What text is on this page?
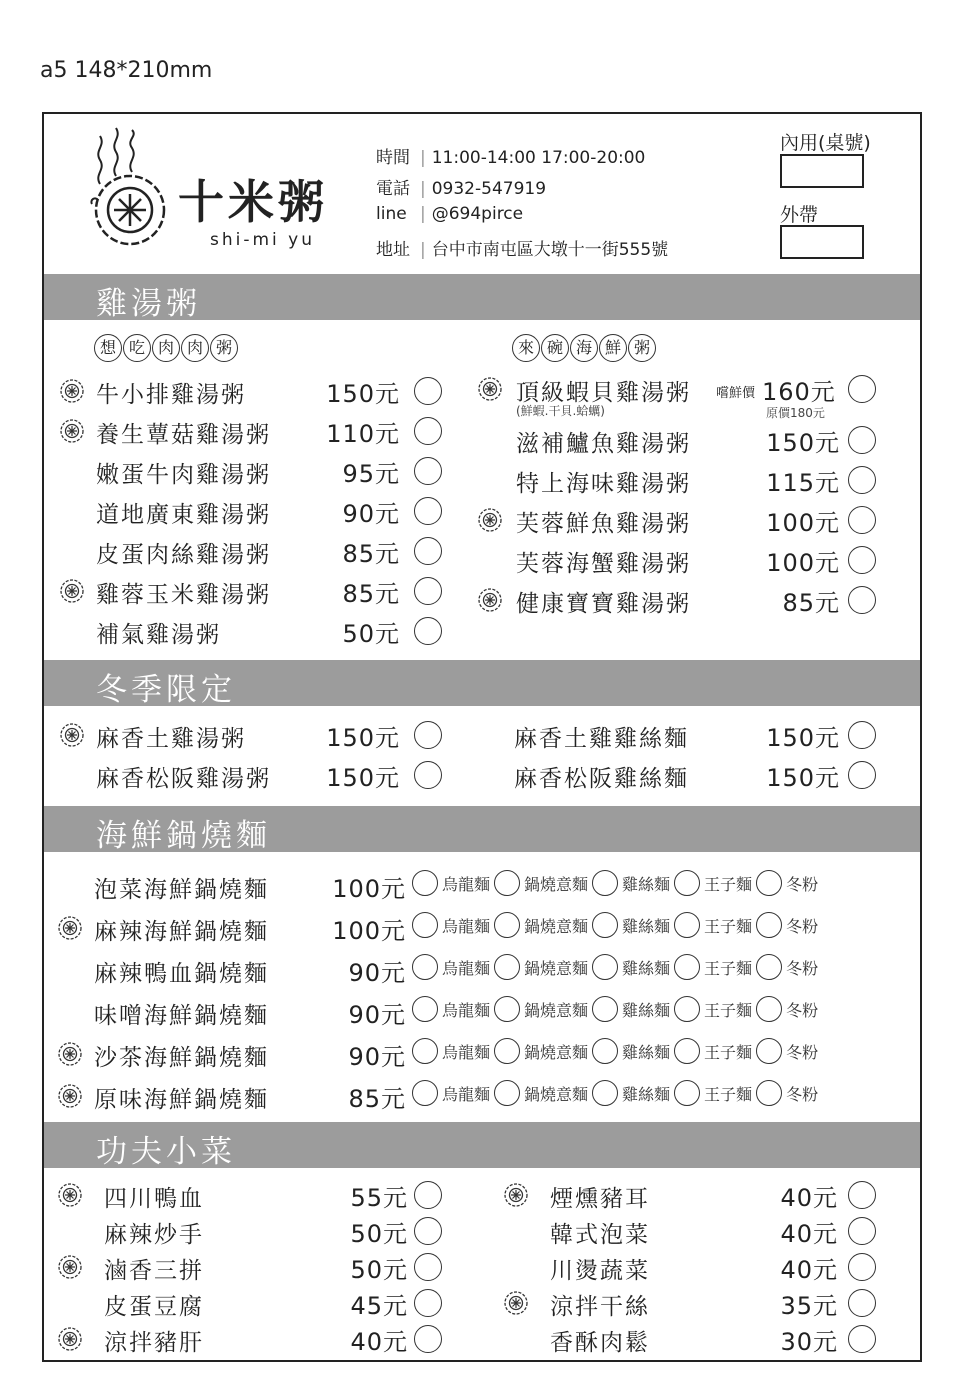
a5 148*210mm
十米粥
shi-mi yu
時間 | 11:00-14:00 17:00-20:00
電話 | 0932-547919
line | @694pirce
地址 | 台中市南屯區大墩十一街555號
內用(桌號)
外帶
雞湯粥
冬季限定
海鮮鍋燒麵
功夫小菜
想 吃 肉 肉 粥	來 碗 海 鮮 粥
頂級蝦貝雞湯粥 嚐鮮價 160元
(鮮蝦.干貝.蛤蠣)	原價180元
牛小排雞湯粥	150元
養生蕈菇雞湯粥	110元
嫩蛋牛肉雞湯粥	95元
道地廣東雞湯粥	90元
皮蛋肉絲雞湯粥	85元
雞蓉玉米雞湯粥	85元
補氣雞湯粥	50元
滋補鱸魚雞湯粥	150元
特上海味雞湯粥	115元
芙蓉鮮魚雞湯粥	100元
芙蓉海蟹雞湯粥	100元
健康寶寶雞湯粥	85元
麻香土雞湯粥	150元
麻香松阪雞湯粥	150元
麻香土雞雞絲麵	150元
麻香松阪雞絲麵	150元
泡菜海鮮鍋燒麵	100元 烏龍麵 鍋燒意麵 雞絲麵 王子麵 冬粉
麻辣海鮮鍋燒麵	100元 烏龍麵 鍋燒意麵 雞絲麵 王子麵 冬粉
麻辣鴨血鍋燒麵	90元 烏龍麵 鍋燒意麵 雞絲麵 王子麵 冬粉
味噌海鮮鍋燒麵	90元 烏龍麵 鍋燒意麵 雞絲麵 王子麵 冬粉
沙茶海鮮鍋燒麵	90元 烏龍麵 鍋燒意麵 雞絲麵 王子麵 冬粉
原味海鮮鍋燒麵	85元 烏龍麵 鍋燒意麵 雞絲麵 王子麵 冬粉
四川鴨血	55元
麻辣炒手	50元
滷香三拼	50元
皮蛋豆腐	45元
涼拌豬肝	40元
煙燻豬耳	40元
韓式泡菜	40元
川燙蔬菜	40元
涼拌干絲	35元
香酥肉鬆	30元
